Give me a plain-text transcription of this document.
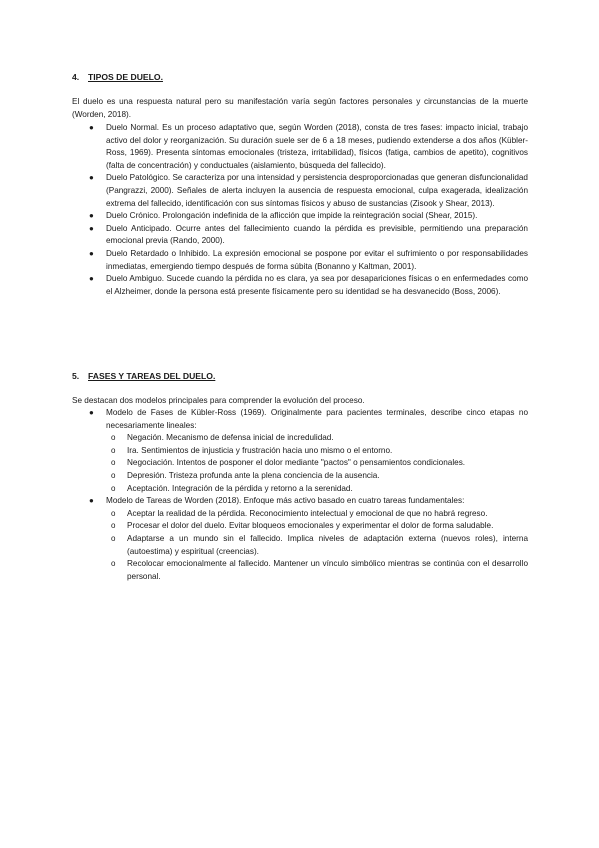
4. TIPOS DE DUELO.
El duelo es una respuesta natural pero su manifestación varía según factores personales y circunstancias de la muerte (Worden, 2018).
● Duelo Normal. Es un proceso adaptativo que, según Worden (2018), consta de tres fases: impacto inicial, trabajo activo del dolor y reorganización. Su duración suele ser de 6 a 18 meses, pudiendo extenderse a dos años (Kübler-Ross, 1969). Presenta síntomas emocionales (tristeza, irritabilidad), físicos (fatiga, cambios de apetito), cognitivos (falta de concentración) y conductuales (aislamiento, búsqueda del fallecido).
● Duelo Patológico. Se caracteriza por una intensidad y persistencia desproporcionadas que generan disfuncionalidad (Pangrazzi, 2000). Señales de alerta incluyen la ausencia de respuesta emocional, culpa exagerada, idealización extrema del fallecido, identificación con sus síntomas físicos y abuso de sustancias (Zisook y Shear, 2013).
● Duelo Crónico. Prolongación indefinida de la aflicción que impide la reintegración social (Shear, 2015).
● Duelo Anticipado. Ocurre antes del fallecimiento cuando la pérdida es previsible, permitiendo una preparación emocional previa (Rando, 2000).
● Duelo Retardado o Inhibido. La expresión emocional se pospone por evitar el sufrimiento o por responsabilidades inmediatas, emergiendo tiempo después de forma súbita (Bonanno y Kaltman, 2001).
● Duelo Ambiguo. Sucede cuando la pérdida no es clara, ya sea por desapariciones físicas o en enfermedades como el Alzheimer, donde la persona está presente físicamente pero su identidad se ha desvanecido (Boss, 2006).
5. FASES Y TAREAS DEL DUELO.
Se destacan dos modelos principales para comprender la evolución del proceso.
● Modelo de Fases de Kübler-Ross (1969). Originalmente para pacientes terminales, describe cinco etapas no necesariamente lineales:
o Negación. Mecanismo de defensa inicial de incredulidad.
o Ira. Sentimientos de injusticia y frustración hacia uno mismo o el entorno.
o Negociación. Intentos de posponer el dolor mediante "pactos" o pensamientos condicionales.
o Depresión. Tristeza profunda ante la plena conciencia de la ausencia.
o Aceptación. Integración de la pérdida y retorno a la serenidad.
● Modelo de Tareas de Worden (2018). Enfoque más activo basado en cuatro tareas fundamentales:
o Aceptar la realidad de la pérdida. Reconocimiento intelectual y emocional de que no habrá regreso.
o Procesar el dolor del duelo. Evitar bloqueos emocionales y experimentar el dolor de forma saludable.
o Adaptarse a un mundo sin el fallecido. Implica niveles de adaptación externa (nuevos roles), interna (autoestima) y espiritual (creencias).
o Recolocar emocionalmente al fallecido. Mantener un vínculo simbólico mientras se continúa con el desarrollo personal.
